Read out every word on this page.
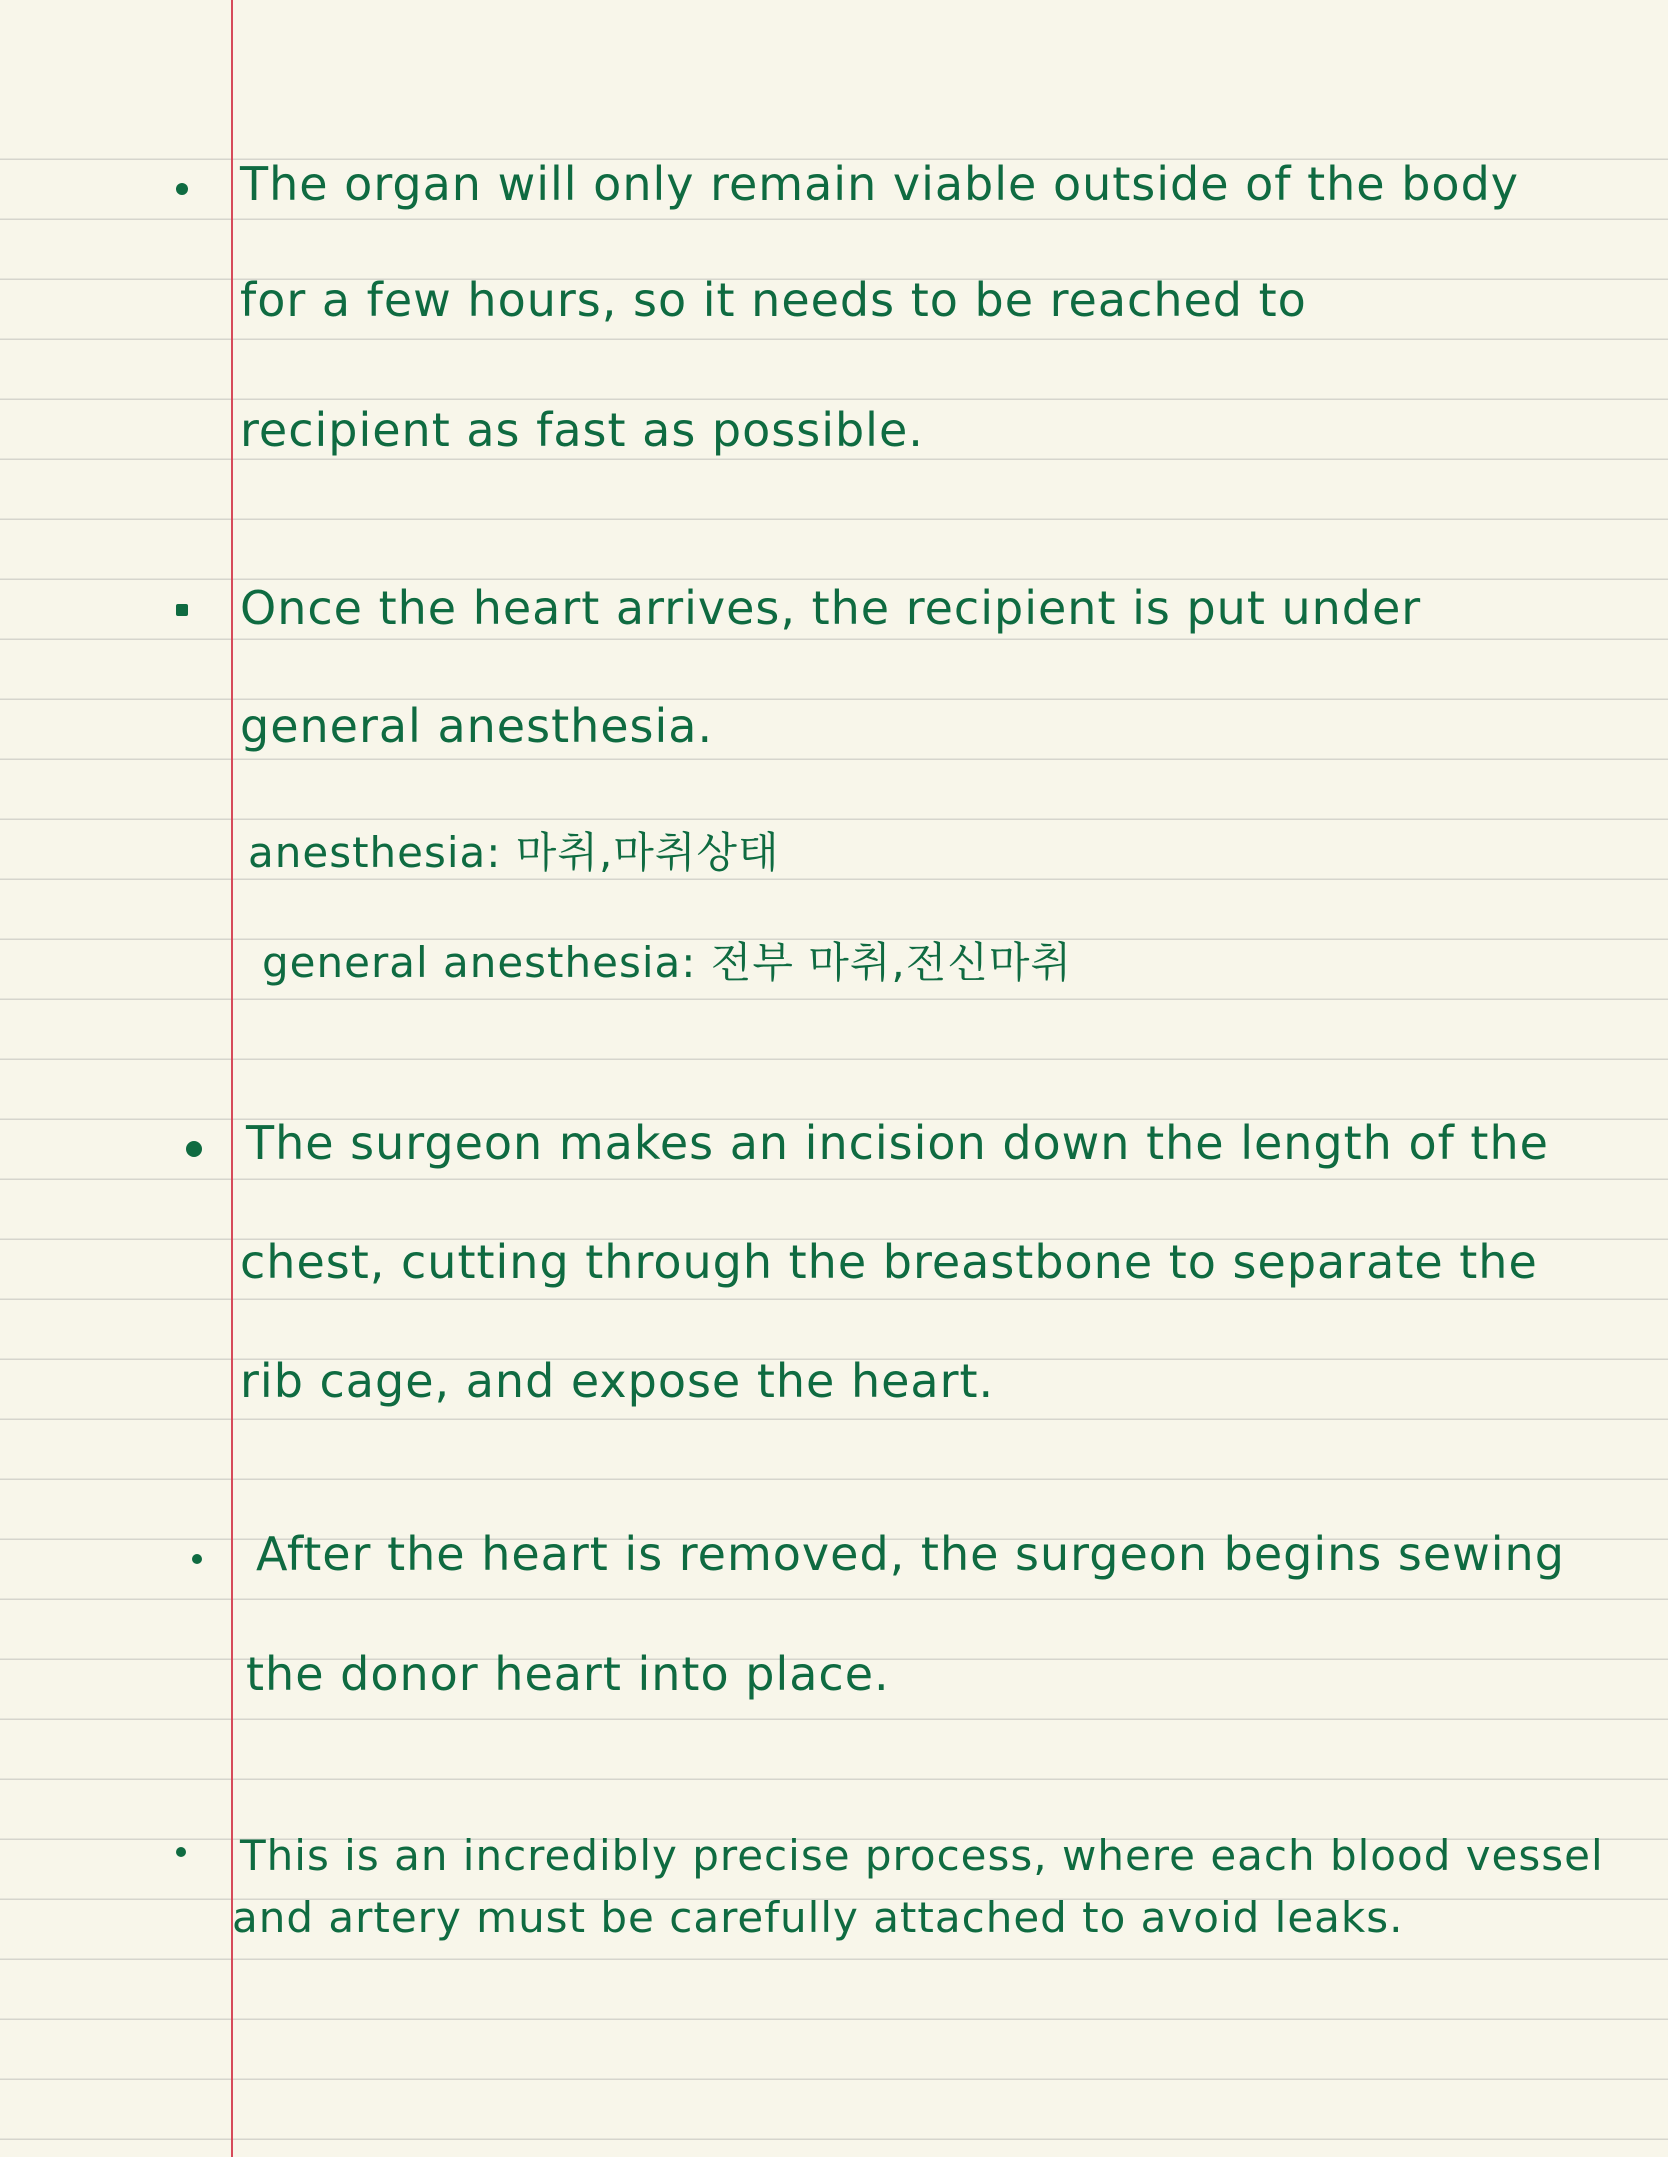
The organ will only remain viable outside of the body

for a few hours, so it needs to be reached to

recipient as fast as possible.

Once the heart arrives, the recipient is put under

general anesthesia.

anesthesia: 마취,마취상태

general anesthesia: 전부 마취,전신마취

The surgeon makes an incision down the length of the

chest, cutting through the breastbone to separate the

rib cage, and expose the heart.

After the heart is removed, the surgeon begins sewing

the donor heart into place.

This is an incredibly precise process, where each blood vessel

and artery must be carefully attached to avoid leaks.
